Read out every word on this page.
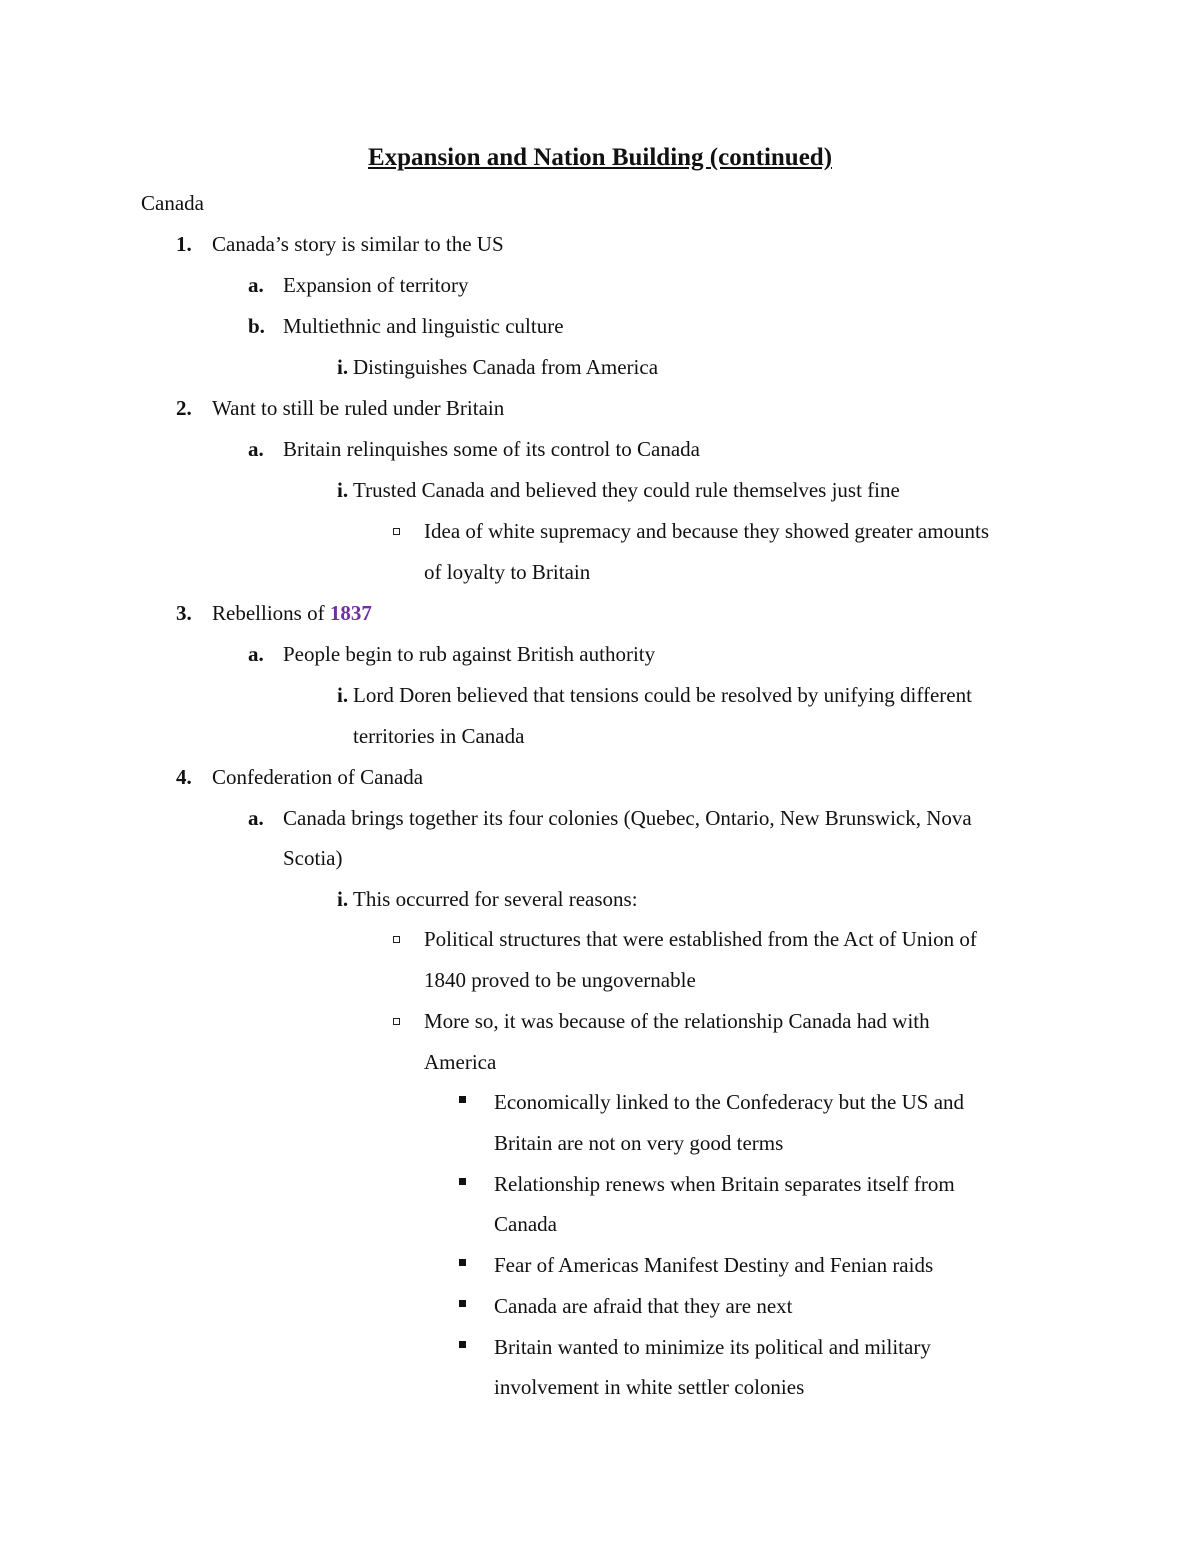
Expansion and Nation Building (continued)
Canada
1. Canada’s story is similar to the US
a. Expansion of territory
b. Multiethnic and linguistic culture
i. Distinguishes Canada from America
2. Want to still be ruled under Britain
a. Britain relinquishes some of its control to Canada
i. Trusted Canada and believed they could rule themselves just fine
Idea of white supremacy and because they showed greater amounts
of loyalty to Britain
3. Rebellions of 1837
a. People begin to rub against British authority
i. Lord Doren believed that tensions could be resolved by unifying different
territories in Canada
4. Confederation of Canada
a. Canada brings together its four colonies (Quebec, Ontario, New Brunswick, Nova
Scotia)
i. This occurred for several reasons:
Political structures that were established from the Act of Union of
1840 proved to be ungovernable
More so, it was because of the relationship Canada had with
America
Economically linked to the Confederacy but the US and
Britain are not on very good terms
Relationship renews when Britain separates itself from
Canada
Fear of Americas Manifest Destiny and Fenian raids
Canada are afraid that they are next
Britain wanted to minimize its political and military
involvement in white settler colonies
